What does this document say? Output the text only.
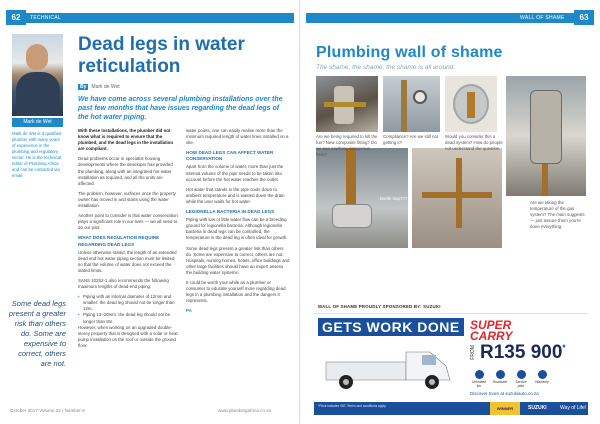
62	TECHNICAL
Dead legs in water reticulation
By	Mark de Wet

We have come across several plumbing installations over the past few months that have issues regarding the dead legs of the hot water piping.

Mark de Wet

Mark de Wet is a qualified plumber with many years of experience in the plumbing and regulatory sector. He is the technical editor of Plumbing Africa and can be contacted via email.

Some dead legs present a greater risk than others do. Some are expensive to correct, others are not.

With these installations, the plumber did not know what is required to ensure that the plumbed, and the dead legs in the installation are compliant.

Dead problems occur in specialist housing developments where the developer has provided the plumbing, along with an integrated hot water installation as required, and all the units are affected.

The problem, however, surfaces once the property owner has moved in and starts using the water installation.

Another point to consider is that water conservation plays a significant role in our lives — we all need to do our part.

WHAT DOES REGULATION REQUIRE REGARDING DEAD LEGS

Unless otherwise stated, the length of an extended dead end hot water piping section must be limited so that the volume of water does not exceed the stated limits.

SANS 10252-1 also recommends the following maximum lengths of dead-end piping:

• Piping with an internal diameter of 12mm and smaller: the dead leg should not be longer than 12m.
• Piping 13–20mm: the dead leg should not be longer than 8m.

However, when working on an upgraded double-storey property that is designed with a solar or heat pump installation on the roof or outside the ground floor.

water points, one can easily realise more than the minimum required length of water lines installed on a site.

HOW DEAD LEGS CAN AFFECT WATER CONSERVATION

Apart from the volume of water, more than just the internal volume of the pipe needs to be taken into account before the hot water reaches the outlet.

Hot water that stands in the pipe cools down to ambient temperature and is wasted down the drain while the user waits for hot water.

LEGIONELLA BACTERIA IN DEAD LEGS

Piping with low or little water flow can be a breeding ground for legionella bacteria. Although legionella bacteria in dead legs can be controlled, the temperature in the dead leg is often ideal for growth.

Some dead legs present a greater risk than others do. Some are expensive to correct, others are not. Hospitals, nursing homes, hotels, office buildings and other large facilities should have an expert assess the building water systems.

It could be worth your while as a plumber or consumer to educate yourself more regarding dead legs in a plumbing installation and the dangers it represents.

PA

October 2017 Volume 22 | Number 9	www.plumbingafrica.co.za
63
WALL OF SHAME
Plumbing wall of shame
The shame, the shame, the shame is all around.

Are we being required to kill the fun? New composite fitting? Do we see anything dangerous here?

Compliance? Are we still not getting it?

Would you consider this a dead system? How do people not understand the question

Bottle trap???

Are we taking the temperature of the gas system? The main suggests — just assure them you're done everything.

WALL OF SHAME PROUDLY SPONSORED BY: SUZUKI
GETS WORK DONE SUPER
CARRY
FROM R135 900*
Unlimited km
Roadside	Service plan
Warranty
Discover more at suzukiauto.co.za
*Price includes VAT. Terms and conditions apply.	WINNER	SUZUKI	Way of Life!
